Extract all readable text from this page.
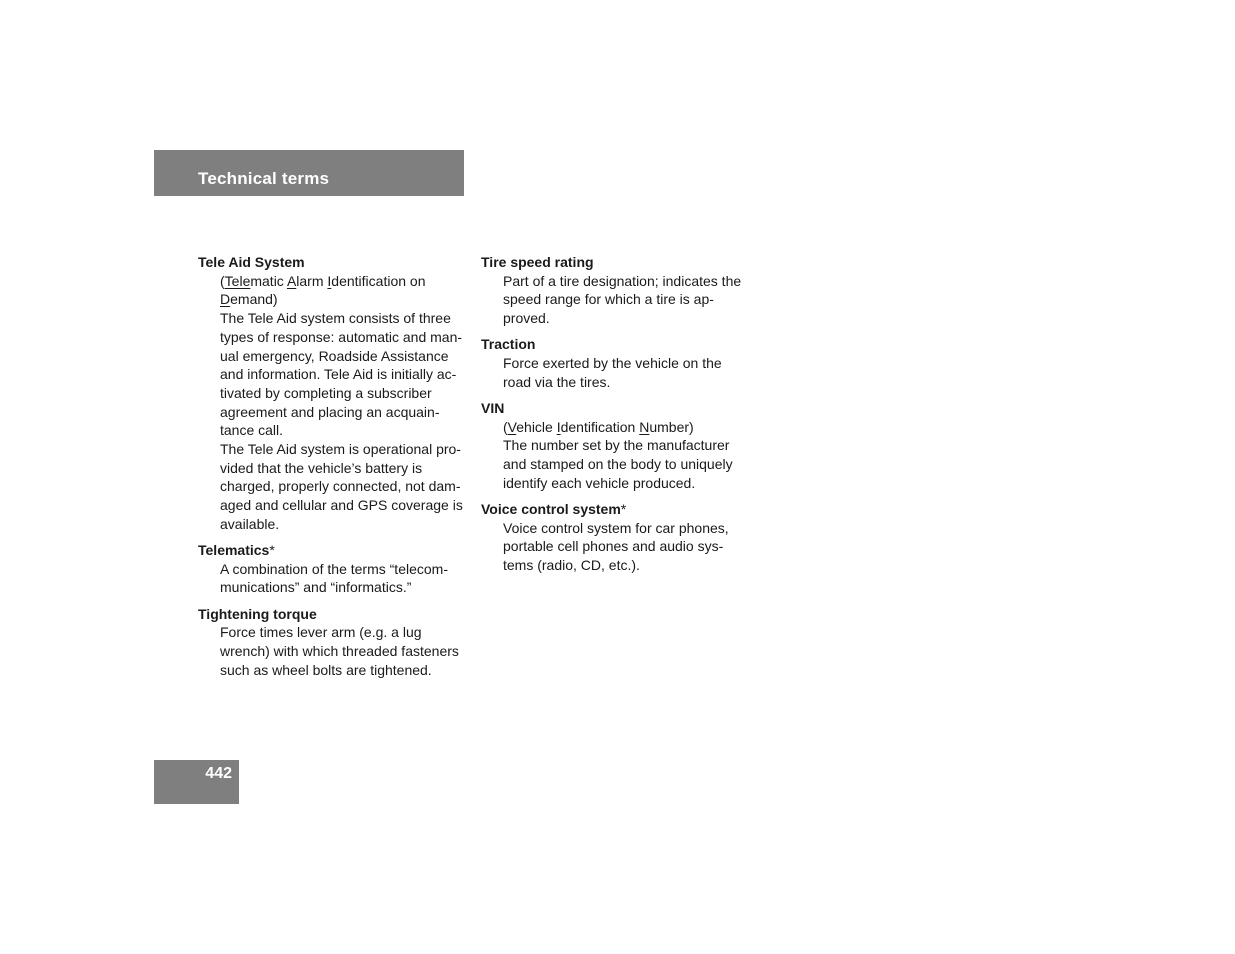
Technical terms
Tele Aid System
(Telematic Alarm Identification on
Demand)
The Tele Aid system consists of three
types of response: automatic and man-
ual emergency, Roadside Assistance
and information. Tele Aid is initially ac-
tivated by completing a subscriber
agreement and placing an acquain-
tance call.
The Tele Aid system is operational pro-
vided that the vehicle’s battery is
charged, properly connected, not dam-
aged and cellular and GPS coverage is
available.
Telematics*
A combination of the terms “telecom-
munications” and “informatics.”
Tightening torque
Force times lever arm (e.g. a lug
wrench) with which threaded fasteners
such as wheel bolts are tightened.
Tire speed rating
Part of a tire designation; indicates the
speed range for which a tire is ap-
proved.
Traction
Force exerted by the vehicle on the
road via the tires.
VIN
(Vehicle Identification Number)
The number set by the manufacturer
and stamped on the body to uniquely
identify each vehicle produced.
Voice control system*
Voice control system for car phones,
portable cell phones and audio sys-
tems (radio, CD, etc.).
442
